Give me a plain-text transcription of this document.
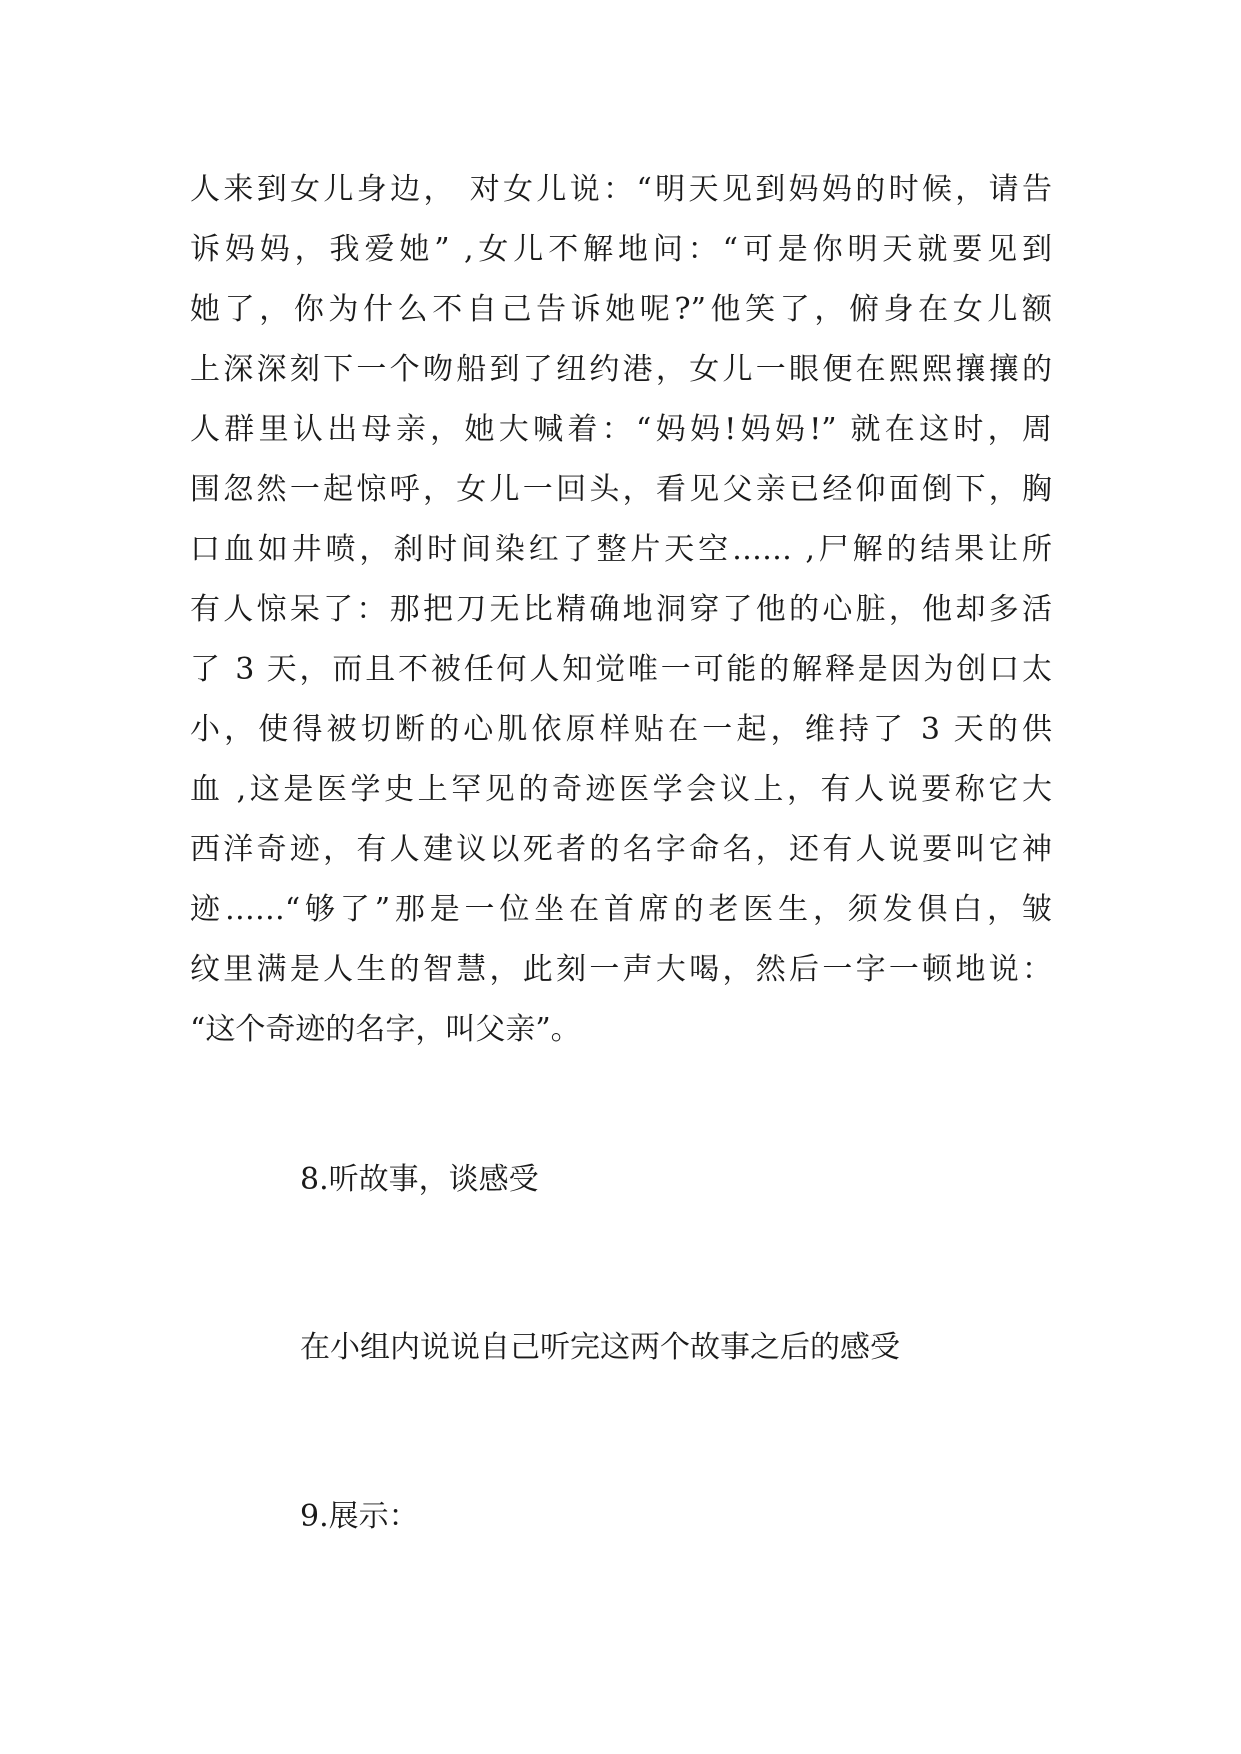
人来到女儿身边， 对女儿说：“明天见到妈妈的时候，请告
诉妈妈，我爱她” ,女儿不解地问：“可是你明天就要见到
她了，你为什么不自己告诉她呢?”他笑了，俯身在女儿额
上深深刻下一个吻船到了纽约港，女儿一眼便在熙熙攘攘的
人群里认出母亲，她大喊着：“妈妈!妈妈!” 就在这时，周
围忽然一起惊呼，女儿一回头，看见父亲已经仰面倒下，胸
口血如井喷，刹时间染红了整片天空…… ,尸解的结果让所
有人惊呆了：那把刀无比精确地洞穿了他的心脏，他却多活
了 3 天，而且不被任何人知觉唯一可能的解释是因为创口太
小，使得被切断的心肌依原样贴在一起，维持了 3 天的供
血 ,这是医学史上罕见的奇迹医学会议上，有人说要称它大
西洋奇迹，有人建议以死者的名字命名，还有人说要叫它神
迹……“够了”那是一位坐在首席的老医生，须发俱白，皱
纹里满是人生的智慧，此刻一声大喝，然后一字一顿地说：
“这个奇迹的名字，叫父亲”。
8.听故事，谈感受
在小组内说说自己听完这两个故事之后的感受
9.展示：
